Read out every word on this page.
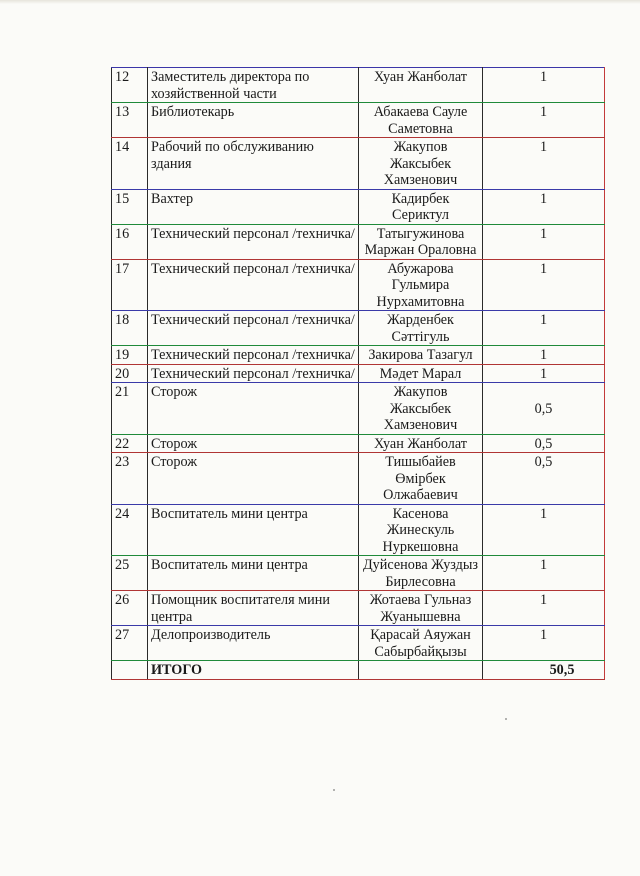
12	Заместитель директора по хозяйственной части	Хуан Жанболат	1
13	Библиотекарь	Абакаева Сауле Саметовна	1
14	Рабочий по обслуживанию здания	Жакупов Жаксыбек Хамзенович	1
15	Вахтер	Кадирбек Сериктул	1
16	Технический персонал /техничка/	Татыгужинова Маржан Ораловна	1
17	Технический персонал /техничка/	Абужарова Гульмира Нурхамитовна	1
18	Технический персонал /техничка/	Жарденбек Сәттігуль	1
19	Технический персонал /техничка/	Закирова Тазагул	1
20	Технический персонал /техничка/	Мәдет Марал	1
21	Сторож	Жакупов Жаксыбек Хамзенович	0,5
22	Сторож	Хуан Жанболат	0,5
23	Сторож	Тишыбайев Өмірбек Олжабаевич	0,5
24	Воспитатель мини центра	Касенова Жинескуль Нуркешовна	1
25	Воспитатель мини центра	Дуйсенова Жуздыз Бирлесовна	1
26	Помощник воспитателя мини центра	Жотаева Гульназ Жуанышевна	1
27	Делопроизводитель	Қарасай Аяужан Сабырбайқызы	1
	ИТОГО		50,5
